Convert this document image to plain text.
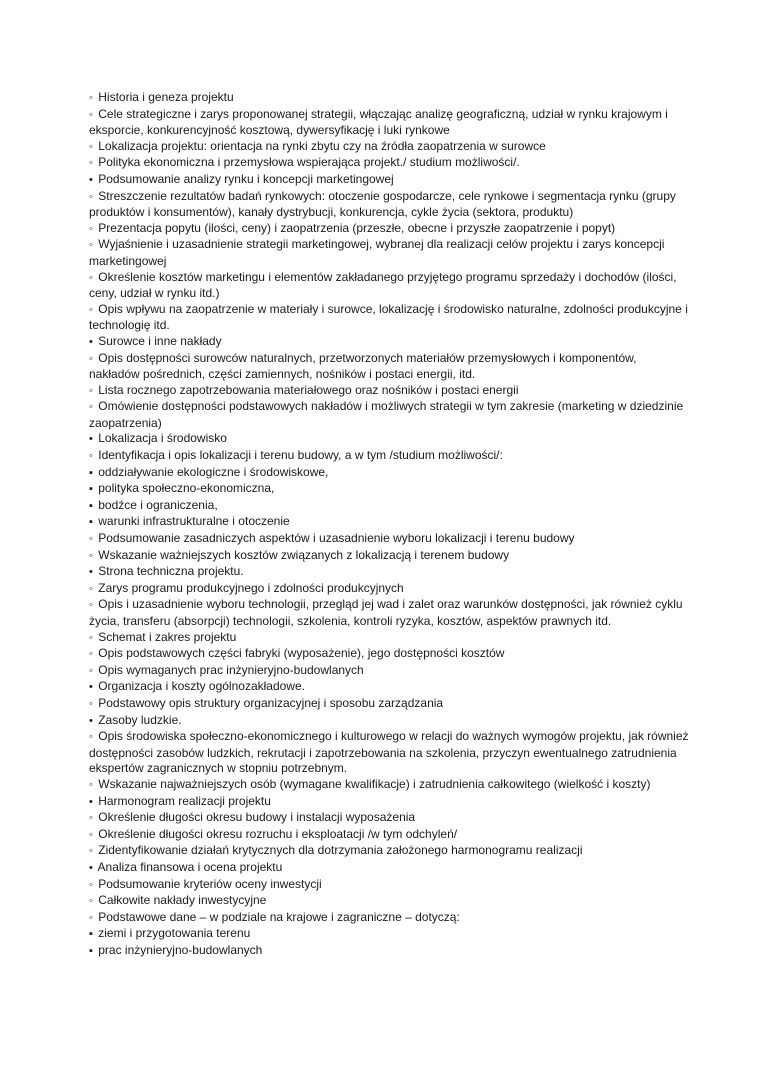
◦ Historia i geneza projektu

◦ Cele strategiczne i zarys proponowanej strategii, włączając analizę geograficzną, udział w rynku krajowym i eksporcie, konkurencyjność kosztową, dywersyfikację i luki rynkowe

◦ Lokalizacja projektu: orientacja na rynki zbytu czy na źródła zaopatrzenia w surowce

◦ Polityka ekonomiczna i przemysłowa wspierająca projekt./ studium możliwości/.

• Podsumowanie analizy rynku i koncepcji marketingowej

◦ Streszczenie rezultatów badań rynkowych: otoczenie gospodarcze, cele rynkowe i segmentacja rynku (grupy produktów i konsumentów), kanały dystrybucji, konkurencja, cykle życia (sektora, produktu)

◦ Prezentacja popytu (ilości, ceny) i zaopatrzenia (przeszłe, obecne i przyszłe zaopatrzenie i popyt)

◦ Wyjaśnienie i uzasadnienie strategii marketingowej, wybranej dla realizacji celów projektu i zarys koncepcji marketingowej

◦ Określenie kosztów marketingu i elementów zakładanego przyjętego programu sprzedaży i dochodów (ilości, ceny, udział w rynku itd.)

◦ Opis wpływu na zaopatrzenie w materiały i surowce, lokalizację i środowisko naturalne, zdolności produkcyjne i technologię itd.

• Surowce i inne nakłady

◦ Opis dostępności surowców naturalnych, przetworzonych materiałów przemysłowych i komponentów, nakładów pośrednich, części zamiennych, nośników i postaci energii, itd.

◦ Lista rocznego zapotrzebowania materiałowego oraz nośników i postaci energii

◦ Omówienie dostępności podstawowych nakładów i możliwych strategii w tym zakresie (marketing w dziedzinie zaopatrzenia)

• Lokalizacja i środowisko

◦ Identyfikacja i opis lokalizacji i terenu budowy, a w tym /studium możliwości/:

▪ oddziaływanie ekologiczne i środowiskowe,

▪ polityka społeczno-ekonomiczna,

▪ bodźce i ograniczenia,

▪ warunki infrastrukturalne i otoczenie

◦ Podsumowanie zasadniczych aspektów i uzasadnienie wyboru lokalizacji i terenu budowy

◦ Wskazanie ważniejszych kosztów związanych z lokalizacją i terenem budowy

• Strona techniczna projektu.

◦ Zarys programu produkcyjnego i zdolności produkcyjnych

◦ Opis i uzasadnienie wyboru technologii, przegląd jej wad i zalet oraz warunków dostępności, jak również cyklu życia, transferu (absorpcji) technologii, szkolenia, kontroli ryzyka, kosztów, aspektów prawnych itd.

◦ Schemat i zakres projektu

◦ Opis podstawowych części fabryki (wyposażenie), jego dostępności kosztów

◦ Opis wymaganych prac inżynieryjno-budowlanych

• Organizacja i koszty ogólnozakładowe.

◦ Podstawowy opis struktury organizacyjnej i sposobu zarządzania

• Zasoby ludzkie.

◦ Opis środowiska społeczno-ekonomicznego i kulturowego w relacji do ważnych wymogów projektu, jak również dostępności zasobów ludzkich, rekrutacji i zapotrzebowania na szkolenia, przyczyn ewentualnego zatrudnienia ekspertów zagranicznych w stopniu potrzebnym.

◦ Wskazanie najważniejszych osób (wymagane kwalifikacje) i zatrudnienia całkowitego (wielkość i koszty)

• Harmonogram realizacji projektu

◦ Określenie długości okresu budowy i instalacji wyposażenia

◦ Określenie długości okresu rozruchu i eksploatacji /w tym odchyleń/

◦ Zidentyfikowanie działań krytycznych dla dotrzymania założonego harmonogramu realizacji

• Analiza finansowa i ocena projektu

◦ Podsumowanie kryteriów oceny inwestycji

◦ Całkowite nakłady inwestycyjne

◦ Podstawowe dane – w podziale na krajowe i zagraniczne – dotyczą:

▪ ziemi i przygotowania terenu

▪ prac inżynieryjno-budowlanych
